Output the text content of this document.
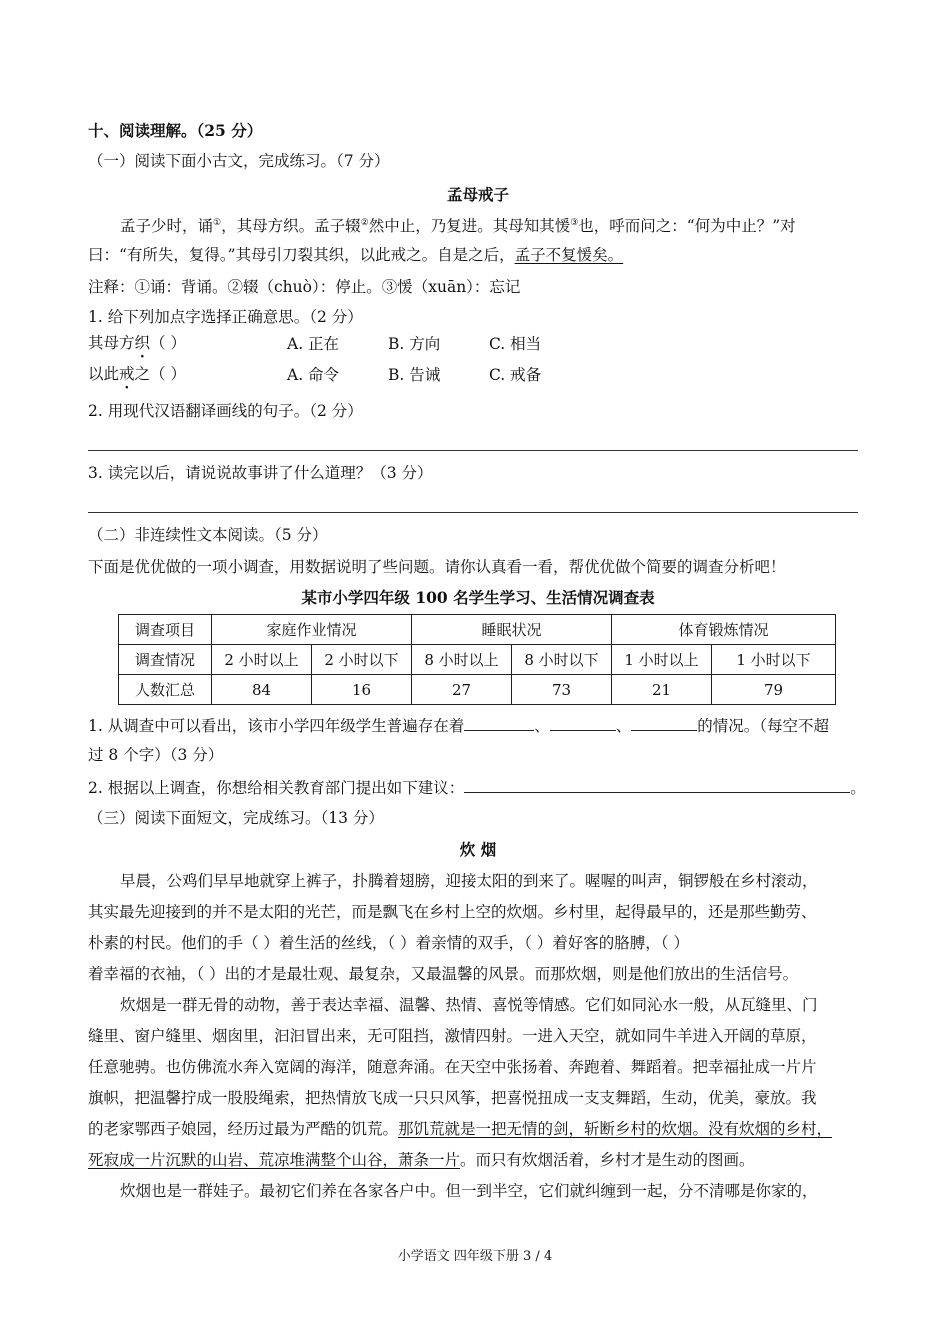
十、阅读理解。（25 分）
（一）阅读下面小古文，完成练习。（7 分）
孟母戒子
孟子少时，诵①，其母方织。孟子辍②然中止，乃复进。其母知其愋③也，呼而问之：“何为中止？”对
曰：“有所失，复得。”其母引刀裂其织，以此戒之。自是之后，孟子不复愋矣。
注释：①诵：背诵。②辍（chuò）：停止。③愋（xuān）：忘记
1. 给下列加点字选择正确意思。（2 分）
其母方织（ ）	A. 正在	B. 方向	C. 相当
以此戒之（ ）	A. 命令	B. 告诫	C. 戒备
2. 用现代汉语翻译画线的句子。（2 分）
3. 读完以后，请说说故事讲了什么道理？（3 分）
（二）非连续性文本阅读。（5 分）
下面是优优做的一项小调查，用数据说明了些问题。请你认真看一看，帮优优做个简要的调查分析吧！
某市小学四年级 100 名学生学习、生活情况调查表
调查项目	家庭作业情况		睡眠状况		体育锻炼情况	
调查情况	2 小时以上	2 小时以下	8 小时以上	8 小时以下	1 小时以上	1 小时以下
人数汇总	84	16	27	73	21	79
1. 从调查中可以看出，该市小学四年级学生普遍存在着	、	、	的情况。（每空不超
过 8 个字）（3 分）
2. 根据以上调查，你想给相关教育部门提出如下建议：	。
（三）阅读下面短文，完成练习。（13 分）
炊 烟
早晨，公鸡们早早地就穿上裤子，扑腾着翅膀，迎接太阳的到来了。喔喔的叫声，铜锣般在乡村滚动，
其实最先迎接到的并不是太阳的光芒，而是飘飞在乡村上空的炊烟。乡村里，起得最早的，还是那些勤劳、
朴素的村民。他们的手（ ）着生活的丝线，（ ）着亲情的双手，（ ）着好客的胳膊，（ ）
着幸福的衣袖，（ ）出的才是最壮观、最复杂，又最温馨的风景。而那炊烟，则是他们放出的生活信号。
炊烟是一群无骨的动物，善于表达幸福、温馨、热情、喜悦等情感。它们如同沁水一般，从瓦缝里、门
缝里、窗户缝里、烟囱里，汩汩冒出来，无可阻挡，激情四射。一进入天空，就如同牛羊进入开阔的草原，
任意驰骋。也仿佛流水奔入宽阔的海洋，随意奔涌。在天空中张扬着、奔跑着、舞蹈着。把幸福扯成一片片
旗帜，把温馨拧成一股股绳索，把热情放飞成一只只风筝，把喜悦扭成一支支舞蹈，生动，优美，豪放。我
的老家鄂西子娘园，经历过最为严酷的饥荒。那饥荒就是一把无情的剑，斩断乡村的炊烟。没有炊烟的乡村，
死寂成一片沉默的山岩、荒凉堆满整个山谷，萧条一片。而只有炊烟活着，乡村才是生动的图画。
炊烟也是一群娃子。最初它们养在各家各户中。但一到半空，它们就纠缠到一起，分不清哪是你家的，
小学语文 四年级下册 3 / 4
